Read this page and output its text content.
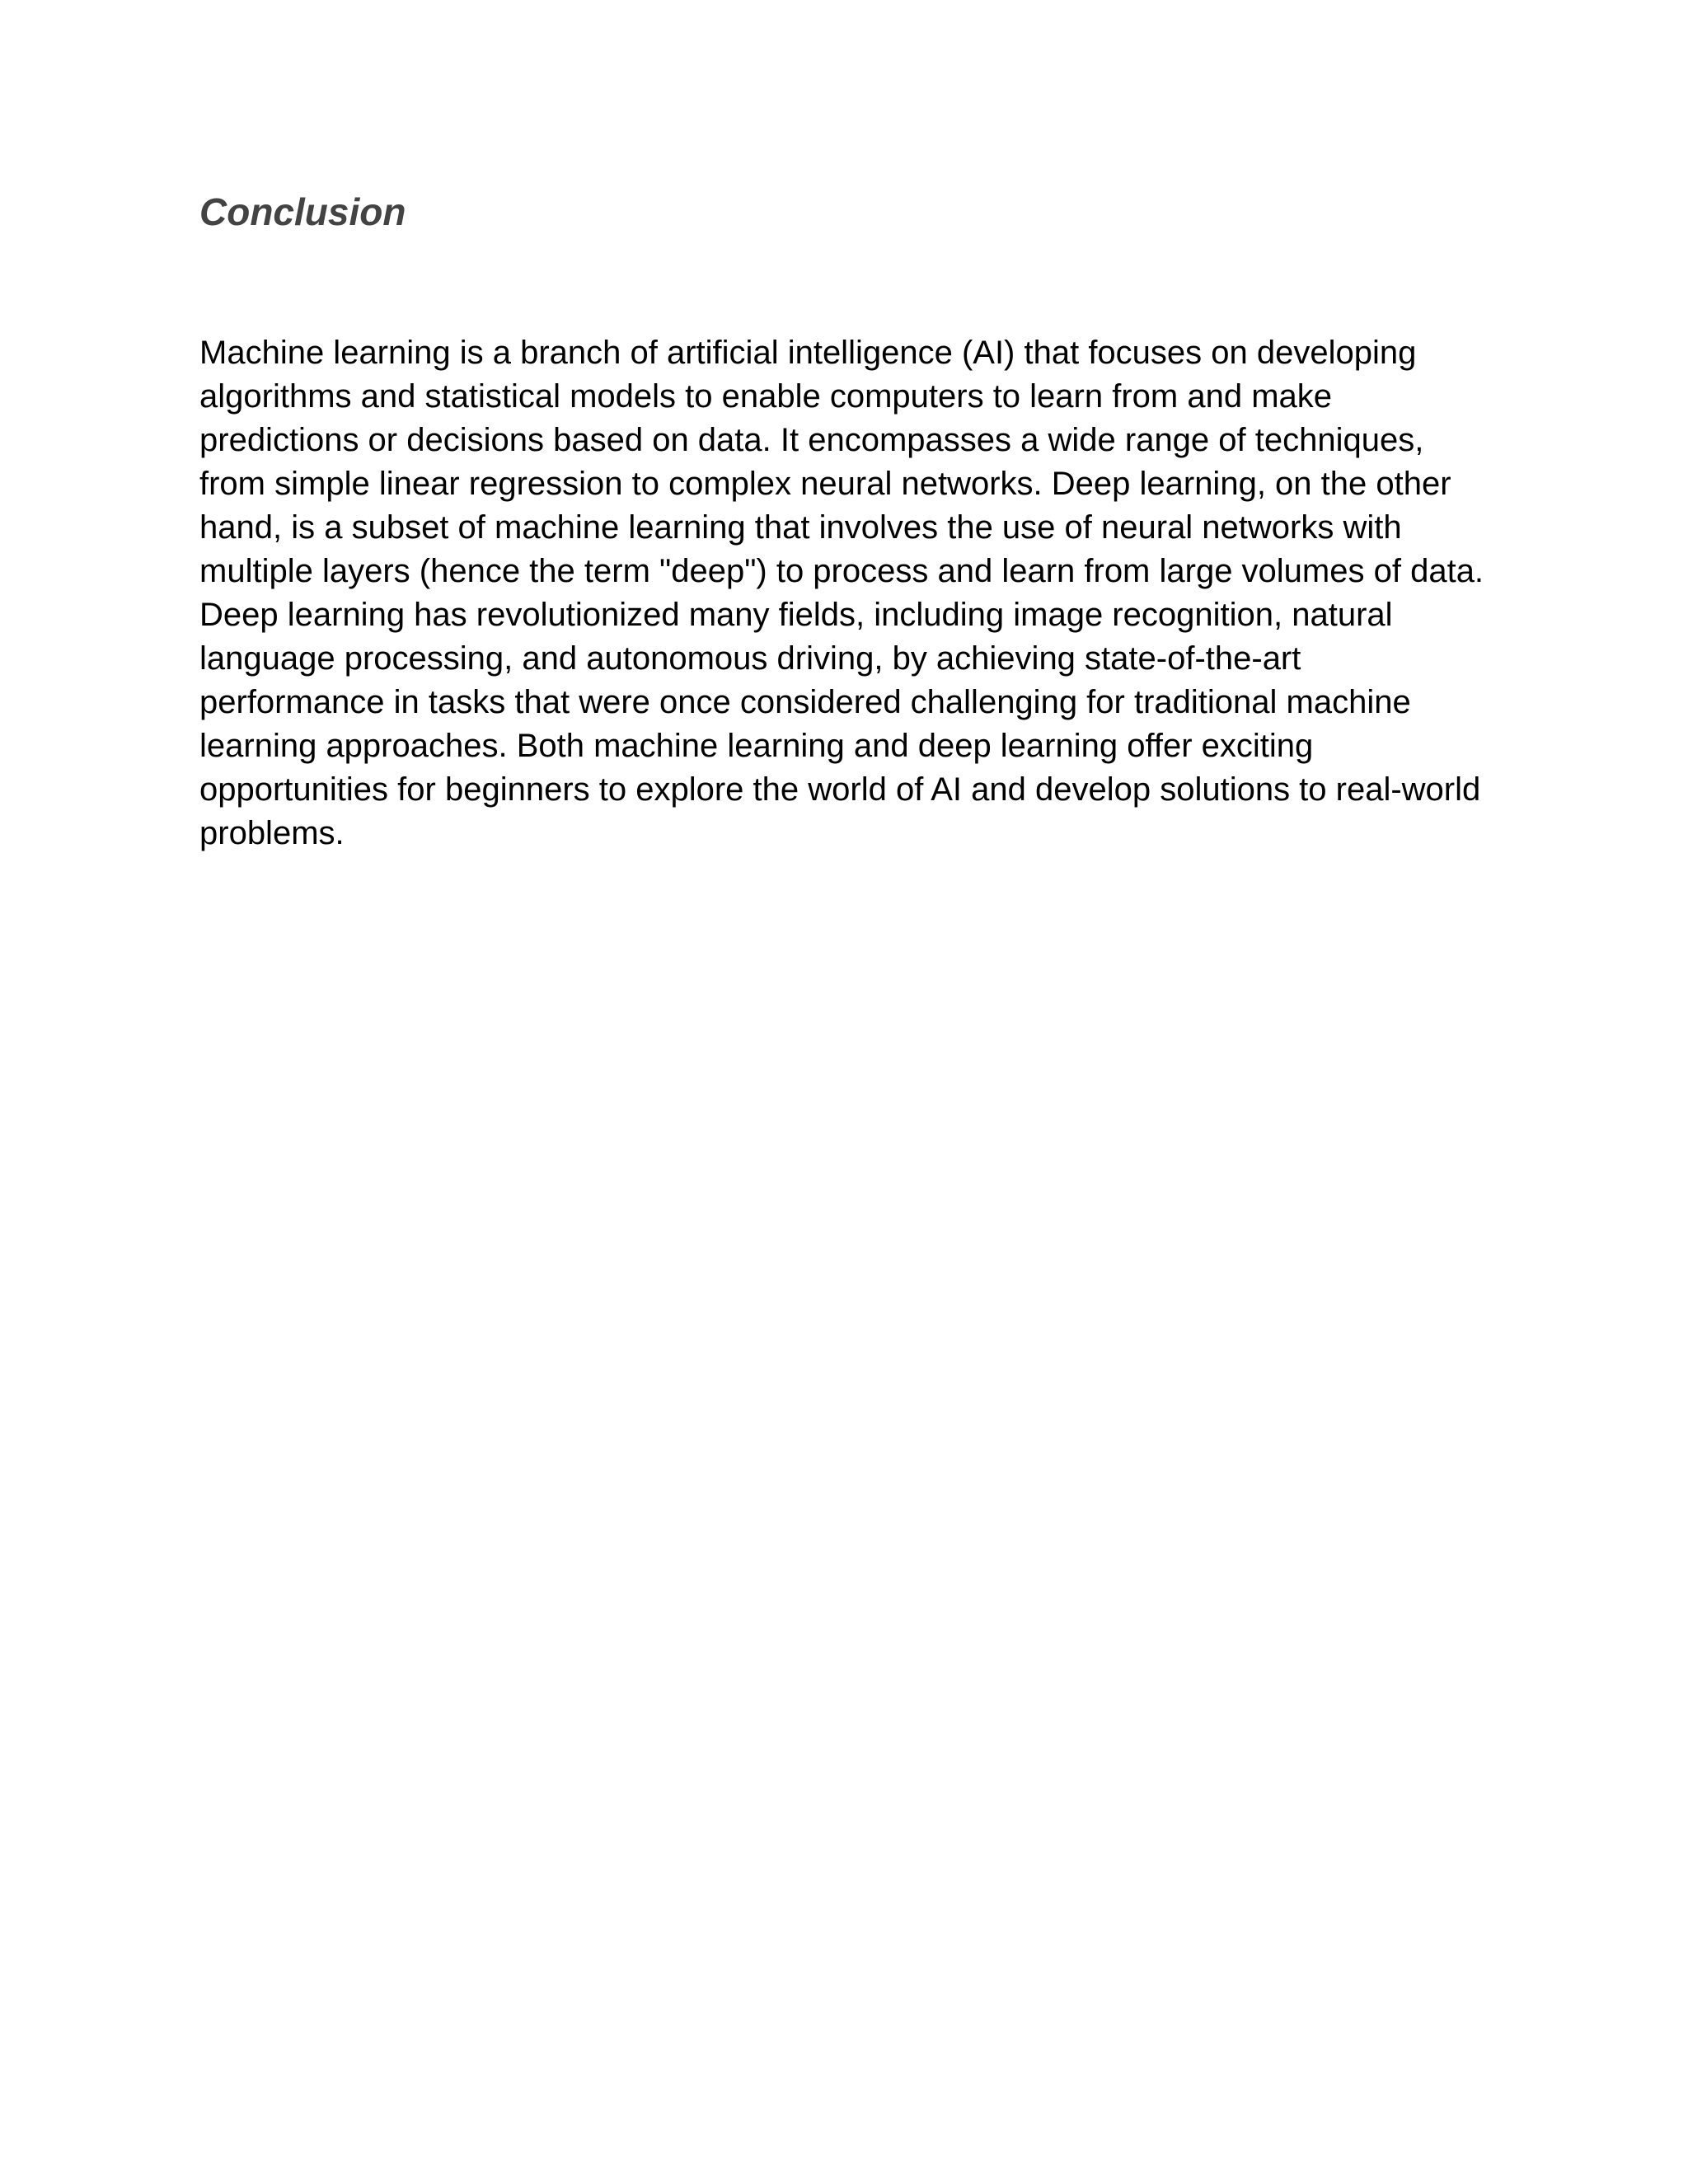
Conclusion

Machine learning is a branch of artificial intelligence (AI) that focuses on developing
algorithms and statistical models to enable computers to learn from and make
predictions or decisions based on data. It encompasses a wide range of techniques,
from simple linear regression to complex neural networks. Deep learning, on the other
hand, is a subset of machine learning that involves the use of neural networks with
multiple layers (hence the term "deep") to process and learn from large volumes of data.
Deep learning has revolutionized many fields, including image recognition, natural
language processing, and autonomous driving, by achieving state-of-the-art
performance in tasks that were once considered challenging for traditional machine
learning approaches. Both machine learning and deep learning offer exciting
opportunities for beginners to explore the world of AI and develop solutions to real-world
problems.
